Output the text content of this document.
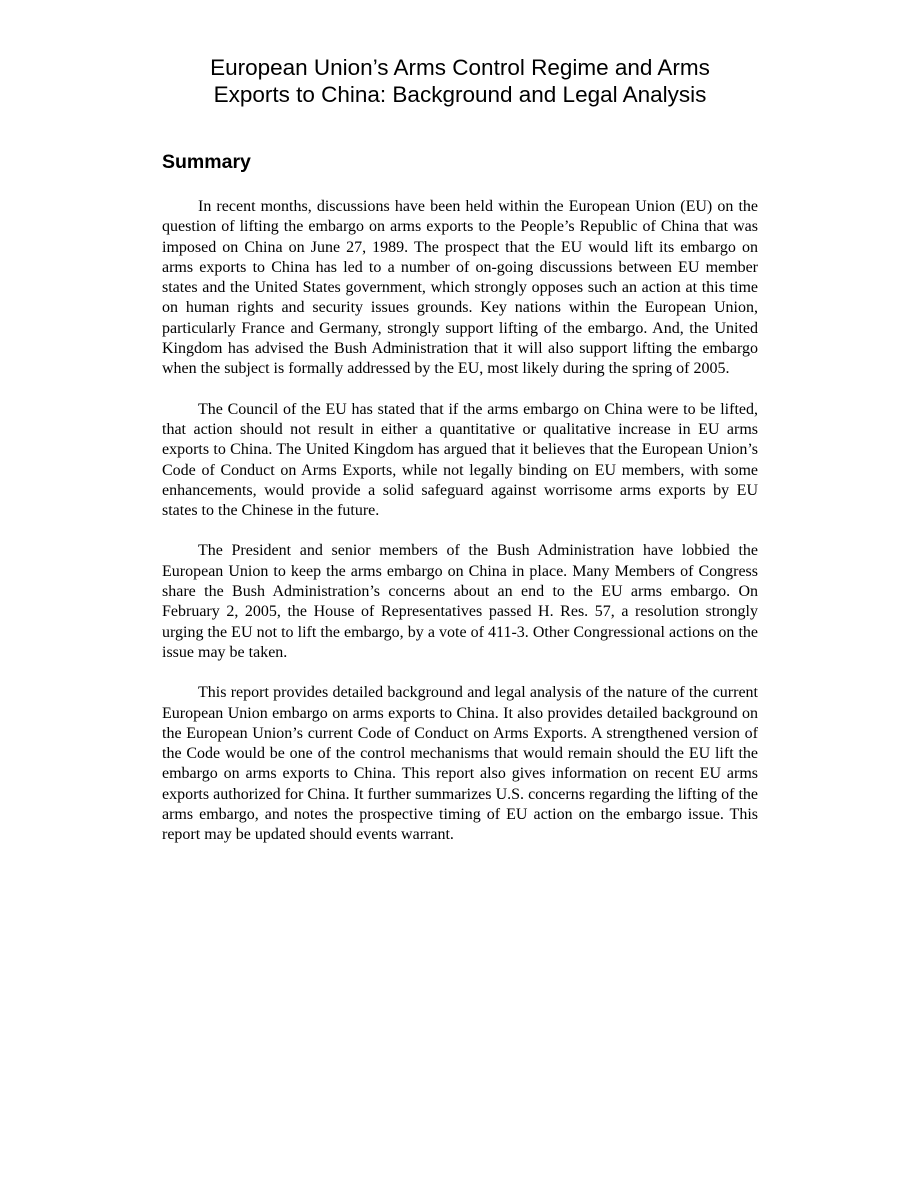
European Union’s Arms Control Regime and Arms
Exports to China: Background and Legal Analysis
Summary

In recent months, discussions have been held within the European Union (EU) on the question of lifting the embargo on arms exports to the People’s Republic of China that was imposed on China on June 27, 1989. The prospect that the EU would lift its embargo on arms exports to China has led to a number of on-going discussions between EU member states and the United States government, which strongly opposes such an action at this time on human rights and security issues grounds. Key nations within the European Union, particularly France and Germany, strongly support lifting of the embargo. And, the United Kingdom has advised the Bush Administration that it will also support lifting the embargo when the subject is formally addressed by the EU, most likely during the spring of 2005.

The Council of the EU has stated that if the arms embargo on China were to be lifted, that action should not result in either a quantitative or qualitative increase in EU arms exports to China. The United Kingdom has argued that it believes that the European Union’s Code of Conduct on Arms Exports, while not legally binding on EU members, with some enhancements, would provide a solid safeguard against worrisome arms exports by EU states to the Chinese in the future.

The President and senior members of the Bush Administration have lobbied the European Union to keep the arms embargo on China in place. Many Members of Congress share the Bush Administration’s concerns about an end to the EU arms embargo. On February 2, 2005, the House of Representatives passed H. Res. 57, a resolution strongly urging the EU not to lift the embargo, by a vote of 411-3. Other Congressional actions on the issue may be taken.

This report provides detailed background and legal analysis of the nature of the current European Union embargo on arms exports to China. It also provides detailed background on the European Union’s current Code of Conduct on Arms Exports. A strengthened version of the Code would be one of the control mechanisms that would remain should the EU lift the embargo on arms exports to China. This report also gives information on recent EU arms exports authorized for China. It further summarizes U.S. concerns regarding the lifting of the arms embargo, and notes the prospective timing of EU action on the embargo issue. This report may be updated should events warrant.
